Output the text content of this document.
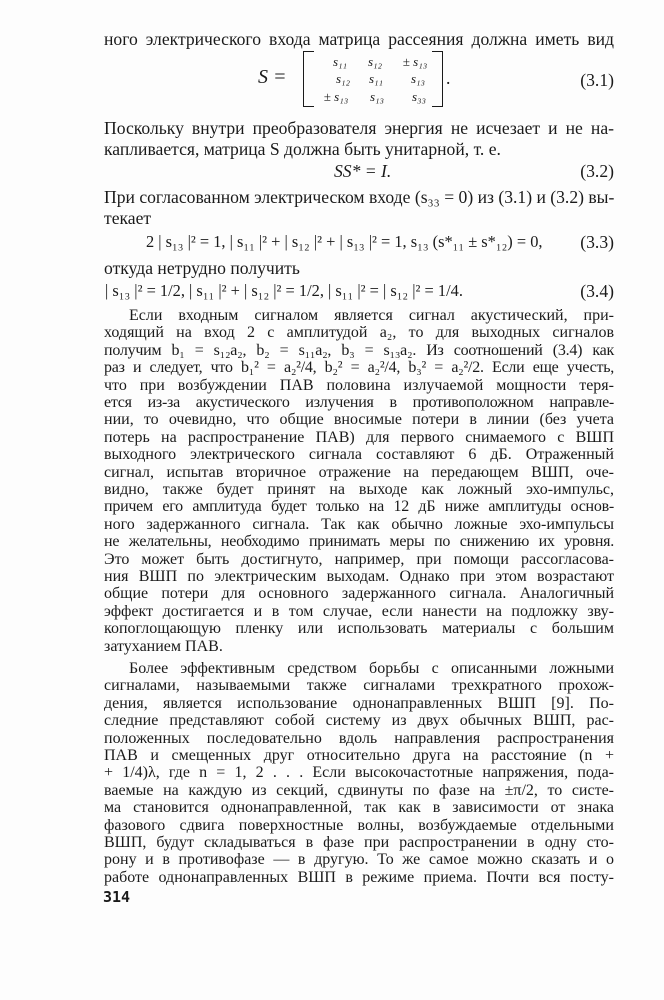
ного электрического входа матрица рассеяния должна иметь вид
S =
s₁₁	s₁₂	± s₁₃
s₁₂	s₁₁	s₁₃
± s₁₃	s₁₃	s₃₃
.	(3.1)
Поскольку внутри преобразователя энергия не исчезает и не на-
капливается, матрица S должна быть унитарной, т. е.
SS* = I.	(3.2)
При согласованном электрическом входе (s₃₃ = 0) из (3.1) и (3.2) вы-
текает
2 | s₁₃ |² = 1, | s₁₁ |² + | s₁₂ |² + | s₁₃ |² = 1, s₁₃ (s*₁₁ ± s*₁₂) = 0, (3.3)
откуда нетрудно получить
| s₁₃ |² = 1/2, | s₁₁ |² + | s₁₂ |² = 1/2, | s₁₁ |² = | s₁₂ |² = 1/4.	(3.4)
Если входным сигналом является сигнал акустический, при-
ходящий на вход 2 с амплитудой a₂, то для выходных сигналов
получим b₁ = s₁₂a₂, b₂ = s₁₁a₂, b₃ = s₁₃a₂. Из соотношений (3.4) как
раз и следует, что b₁² = a₂²/4, b₂² = a₂²/4, b₃² = a₂²/2. Если еще учесть,
что при возбуждении ПАВ половина излучаемой мощности теря-
ется из-за акустического излучения в противоположном направле-
нии, то очевидно, что общие вносимые потери в линии (без учета
потерь на распространение ПАВ) для первого снимаемого с ВШП
выходного электрического сигнала составляют 6 дБ. Отраженный
сигнал, испытав вторичное отражение на передающем ВШП, оче-
видно, также будет принят на выходе как ложный эхо-импульс,
причем его амплитуда будет только на 12 дБ ниже амплитуды основ-
ного задержанного сигнала. Так как обычно ложные эхо-импульсы
не желательны, необходимо принимать меры по снижению их уровня.
Это может быть достигнуто, например, при помощи рассогласова-
ния ВШП по электрическим выходам. Однако при этом возрастают
общие потери для основного задержанного сигнала. Аналогичный
эффект достигается и в том случае, если нанести на подложку зву-
копоглощающую пленку или использовать материалы с большим
затуханием ПАВ.
Более эффективным средством борьбы с описанными ложными
сигналами, называемыми также сигналами трехкратного прохож-
дения, является использование однонаправленных ВШП [9]. По-
следние представляют собой систему из двух обычных ВШП, рас-
положенных последовательно вдоль направления распространения
ПАВ и смещенных друг относительно друга на расстояние (n +
+ 1/4)λ, где n = 1, 2 . . . Если высокочастотные напряжения, пода-
ваемые на каждую из секций, сдвинуты по фазе на ±π/2, то систе-
ма становится однонаправленной, так как в зависимости от знака
фазового сдвига поверхностные волны, возбуждаемые отдельными
ВШП, будут складываться в фазе при распространении в одну сто-
рону и в противофазе — в другую. То же самое можно сказать и о
работе однонаправленных ВШП в режиме приема. Почти вся посту-
314
